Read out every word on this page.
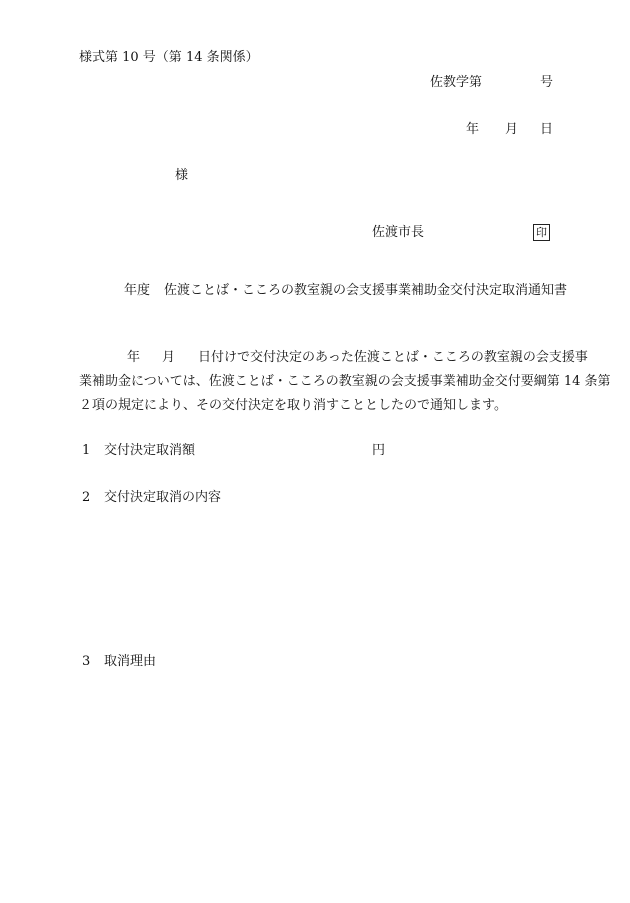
様式第 10 号（第 14 条関係）
佐教学第	号
年 月 日
様
佐渡市長	印
年度 佐渡ことば・こころの教室親の会支援事業補助金交付決定取消通知書
年 月 日付けで交付決定のあった佐渡ことば・こころの教室親の会支援事
業補助金については、佐渡ことば・こころの教室親の会支援事業補助金交付要綱第 14 条第
２項の規定により、その交付決定を取り消すこととしたので通知します。
1 交付決定取消額	円
2 交付決定取消の内容
3 取消理由
